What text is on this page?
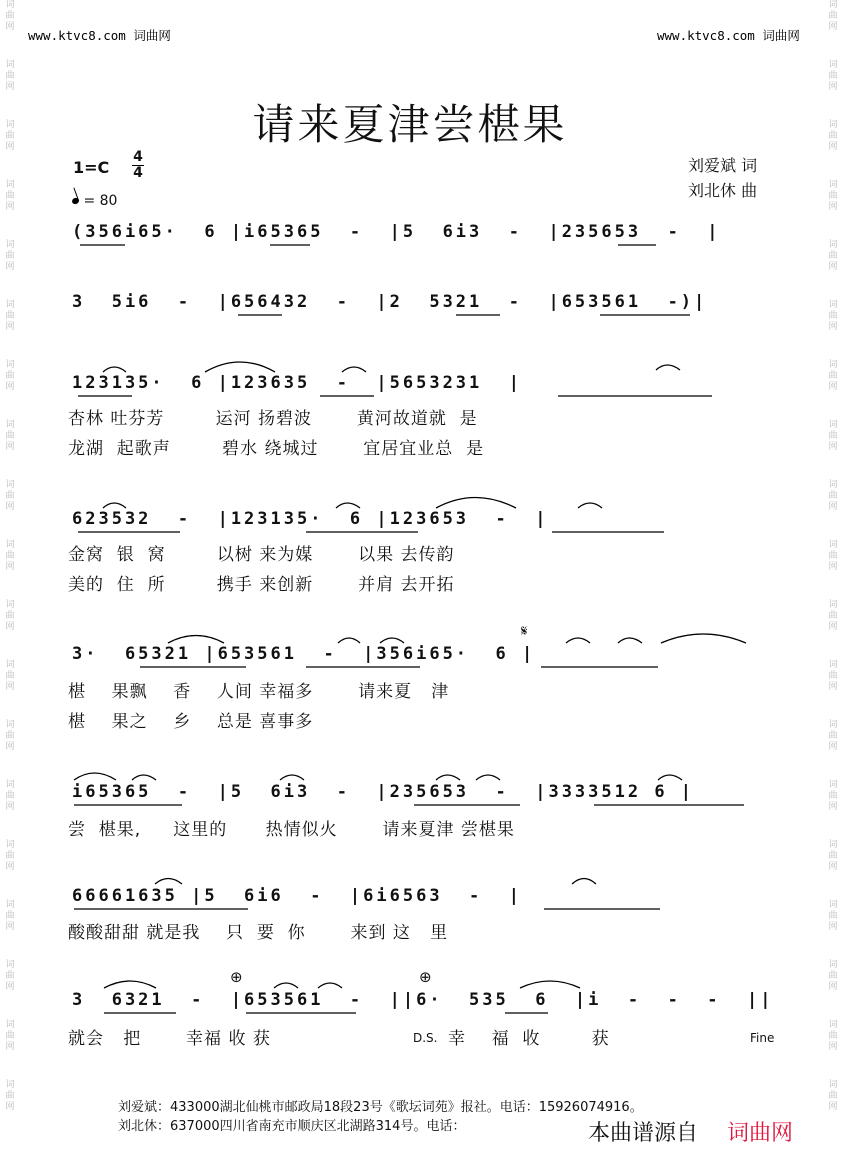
词
曲
网
词
曲
网
词
曲
网
词
曲
网
词
曲
网
词
曲
网
词
曲
网
词
曲
网
词
曲
网
词
曲
网
词
曲
网
词
曲
网
词
曲
网
词
曲
网
词
曲
网
词
曲
网
词
曲
网
词
曲
网
词
曲
网
词
曲
网
词
曲
网
词
曲
网
词
曲
网
词
曲
网
词
曲
网
词
曲
网
词
曲
网
词
曲
网
词
曲
网
词
曲
网
词
曲
网
词
曲
网
词
曲
网
词
曲
网
词
曲
网
词
曲
网
词
曲
网
词
曲
网
www.ktvc8.com 词曲网	www.ktvc8.com 词曲网
请来夏津尝椹果
1=C
4
4
= 80
刘爱斌 词
刘北休 曲
(356i65·  6 |i65365  -  |5  6i3  -  |235653  -  |
3  5i6  -  |656432  -  |2  5321  -  |653561  -)|
123135·  6 |123635  -  |5653231  |
杏林 吐芬芳        运河 扬碧波       黄河故道就  是
龙湖  起歌声        碧水 绕城过       宜居宜业总  是
623532  -  |123135·  6 |123653  -  |
金窝  银  窝        以树 来为媒       以果 去传韵
美的  住  所        携手 来创新       并肩 去开拓
3·  65321 |653561  -  |356i65·  6 |
椹    果飘    香    人间 幸福多       请来夏   津
椹    果之    乡    总是 喜事多
i65365  -  |5  6i3  -  |235653  -  |3333512 6 |
尝  椹果,     这里的      热情似火       请来夏津 尝椹果
66661635 |5  6i6  -  |6i6563  -  |
酸酸甜甜 就是我    只  要  你       来到 这   里
3  6321  -  |653561  -  ||6·  535  6  |i  -  -  -  ||
就会   把       幸福 收 获	幸    福  收        获
𝄋
⊕	⊕
D.S.	Fine
刘爱斌：433000湖北仙桃市邮政局18段23号《歌坛词苑》报社。电话：15926074916。
刘北休：637000四川省南充市顺庆区北湖路314号。电话：	本曲谱源自 词曲网
